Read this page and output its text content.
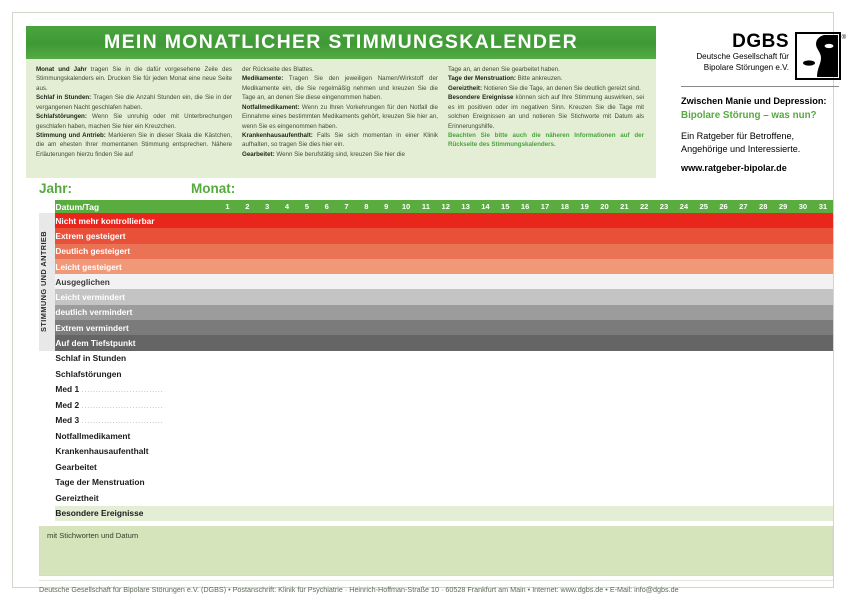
MEIN MONATLICHER STIMMUNGSKALENDER

Monat und Jahr tragen Sie in die dafür vorgesehene Zeile des Stimmungskalenders ein. Drucken Sie für jeden Monat eine neue Seite aus.

Schlaf in Stunden: Tragen Sie die Anzahl Stunden ein, die Sie in der vergangenen Nacht geschlafen haben.

Schlafstörungen: Wenn Sie unruhig oder mit Unterbrechungen geschlafen haben, machen Sie hier ein Kreuzchen.

Stimmung und Antrieb: Markieren Sie in dieser Skala die Kästchen, die am ehesten Ihrer momentanen Stimmung entsprechen. Nähere Erläuterungen hierzu finden Sie auf

der Rückseite des Blattes.

Medikamente: Tragen Sie den jeweiligen Namen/Wirkstoff der Medikamente ein, die Sie regelmäßig nehmen und kreuzen Sie die Tage an, an denen Sie diese eingenommen haben.

Notfallmedikament: Wenn zu Ihren Vorkehrungen für den Notfall die Einnahme eines bestimmten Medikaments gehört, kreuzen Sie hier an, wenn Sie es eingenommen haben.

Krankenhausaufenthalt: Falls Sie sich momentan in einer Klinik aufhalten, so tragen Sie dies hier ein.

Gearbeitet: Wenn Sie berufstätig sind, kreuzen Sie hier die

Tage an, an denen Sie gearbeitet haben.

Tage der Menstruation: Bitte ankreuzen.

Gereiztheit: Notieren Sie die Tage, an denen Sie deutlich gereizt sind.

Besondere Ereignisse können sich auf Ihre Stimmung auswirken, sei es im positiven oder im negativen Sinn. Kreuzen Sie die Tage mit solchen Ereignissen an und notieren Sie Stichworte mit Datum als Erinnerungshilfe.

Beachten Sie bitte auch die näheren Informationen auf der Rückseite des Stimmungskalenders.

DGBS
Deutsche Gesellschaft für
Bipolare Störungen e.V.
®
Zwischen Manie und Depression:
Bipolare Störung – was nun?
Ein Ratgeber für Betroffene,
Angehörige und Interessierte.
www.ratgeber-bipolar.de
Jahr:	Monat:
	Datum/Tag	1	2	3	4	5	6	7	8	9	10	11	12	13	14	15	16	17	18	19	20	21	22	23	24	25	26	27	28	29	30	31

STIMMUNG UND ANTRIEB	Nicht mehr kontrollierbar																															
	Extrem gesteigert																															
	Deutlich gesteigert																															
	Leicht gesteigert																															
	Ausgeglichen																															
	Leicht vermindert																															
	deutlich vermindert																															
	Extrem vermindert																															
	Auf dem Tiefstpunkt																															
	Schlaf in Stunden																															
	Schlafstörungen																															
	Med 1 .............................																															
	Med 2 .............................																															
	Med 3 .............................																															
	Notfallmedikament																															
	Krankenhausaufenthalt																															
	Gearbeitet																															
	Tage der Menstruation																															
	Gereiztheit																															
	Besondere Ereignisse																															
mit Stichworten und Datum
Deutsche Gesellschaft für Bipolare Störungen e.V. (DGBS) • Postanschrift: Klinik für Psychiatrie · Heinrich-Hoffman-Straße 10 · 60528 Frankfurt am Main • Internet: www.dgbs.de • E-Mail: info@dgbs.de
